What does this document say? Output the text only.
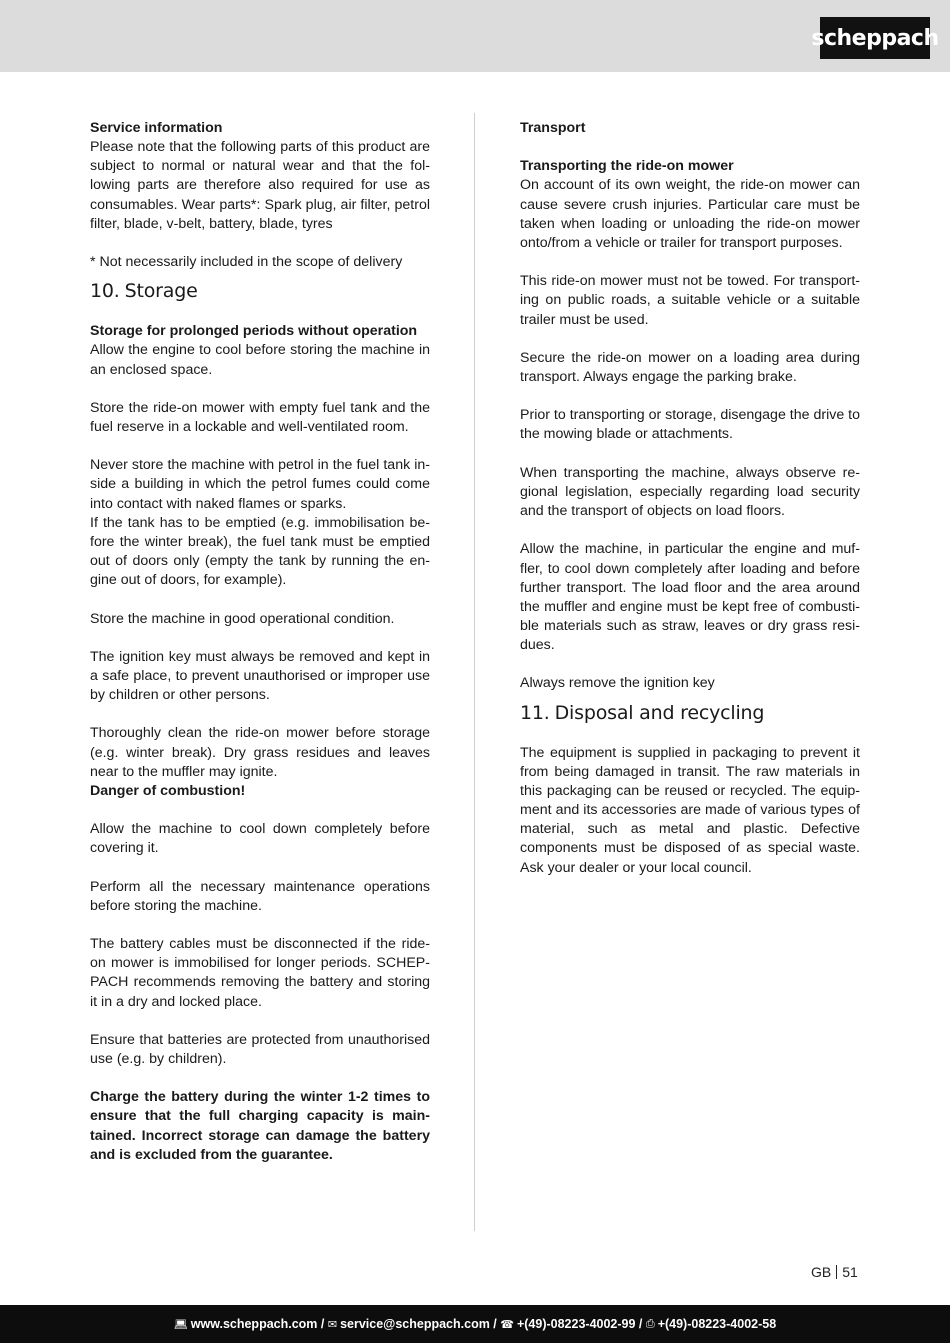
scheppach

Service information

Please note that the following parts of this product are subject to normal or natural wear and that the following parts are therefore also required for use as consumables. Wear parts*: Spark plug, air filter, petrol filter, blade, v-belt, battery, blade, tyres

* Not necessarily included in the scope of delivery

10. Storage

Storage for prolonged periods without operation

Allow the engine to cool before storing the machine in an enclosed space.

Store the ride-on mower with empty fuel tank and the fuel reserve in a lockable and well-ventilated room.

Never store the machine with petrol in the fuel tank inside a building in which the petrol fumes could come into contact with naked flames or sparks.

If the tank has to be emptied (e.g. immobilisation before the winter break), the fuel tank must be emptied out of doors only (empty the tank by running the engine out of doors, for example).

Store the machine in good operational condition.

The ignition key must always be removed and kept in a safe place, to prevent unauthorised or improper use by children or other persons.

Thoroughly clean the ride-on mower before storage (e.g. winter break). Dry grass residues and leaves near to the muffler may ignite.

Danger of combustion!

Allow the machine to cool down completely before covering it.

Perform all the necessary maintenance operations before storing the machine.

The battery cables must be disconnected if the ride-on mower is immobilised for longer periods. SCHEPPACH recommends removing the battery and storing it in a dry and locked place.

Ensure that batteries are protected from unauthorised use (e.g. by children).

Charge the battery during the winter 1-2 times to ensure that the full charging capacity is maintained. Incorrect storage can damage the battery and is excluded from the guarantee.

Transport

Transporting the ride-on mower

On account of its own weight, the ride-on mower can cause severe crush injuries. Particular care must be taken when loading or unloading the ride-on mower onto/from a vehicle or trailer for transport purposes.

This ride-on mower must not be towed. For transporting on public roads, a suitable vehicle or a suitable trailer must be used.

Secure the ride-on mower on a loading area during transport. Always engage the parking brake.

Prior to transporting or storage, disengage the drive to the mowing blade or attachments.

When transporting the machine, always observe regional legislation, especially regarding load security and the transport of objects on load floors.

Allow the machine, in particular the engine and muffler, to cool down completely after loading and before further transport. The load floor and the area around the muffler and engine must be kept free of combustible materials such as straw, leaves or dry grass residues.

Always remove the ignition key

11. Disposal and recycling

The equipment is supplied in packaging to prevent it from being damaged in transit. The raw materials in this packaging can be reused or recycled. The equipment and its accessories are made of various types of material, such as metal and plastic. Defective components must be disposed of as special waste. Ask your dealer or your local council.

GB 51
💻︎ www.scheppach.com / ✉︎ service@scheppach.com / ☎︎ +(49)-08223-4002-99 / ⎙ +(49)-08223-4002-58
